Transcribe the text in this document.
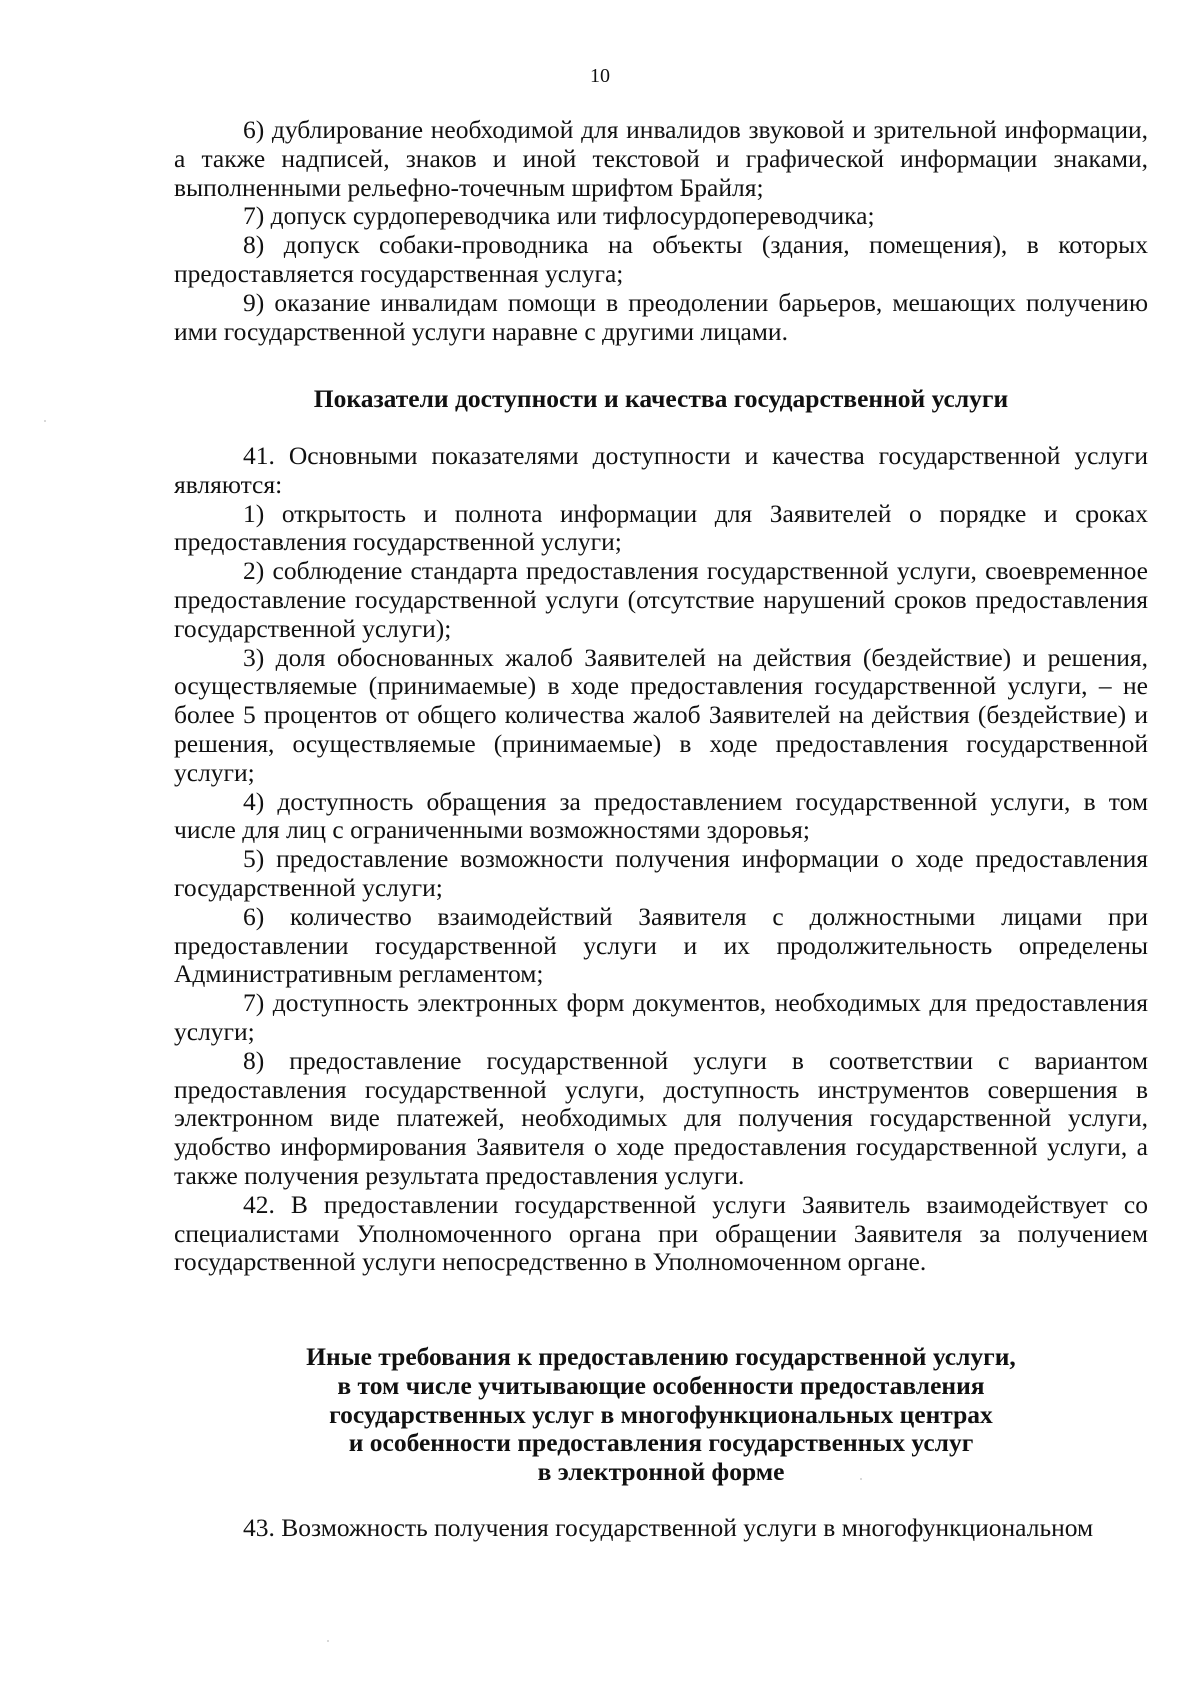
10

6) дублирование необходимой для инвалидов звуковой и зрительной информации, а также надписей, знаков и иной текстовой и графической информации знаками, выполненными рельефно-точечным шрифтом Брайля;

7) допуск сурдопереводчика или тифлосурдопереводчика;

8) допуск собаки-проводника на объекты (здания, помещения), в которых предоставляется государственная услуга;

9) оказание инвалидам помощи в преодолении барьеров, мешающих получению ими государственной услуги наравне с другими лицами.

Показатели доступности и качества государственной услуги

41. Основными показателями доступности и качества государственной услуги являются:

1) открытость и полнота информации для Заявителей о порядке и сроках предоставления государственной услуги;

2) соблюдение стандарта предоставления государственной услуги, своевременное предоставление государственной услуги (отсутствие нарушений сроков предоставления государственной услуги);

3) доля обоснованных жалоб Заявителей на действия (бездействие) и решения, осуществляемые (принимаемые) в ходе предоставления государственной услуги, – не более 5 процентов от общего количества жалоб Заявителей на действия (бездействие) и решения, осуществляемые (принимаемые) в ходе предоставления государственной услуги;

4) доступность обращения за предоставлением государственной услуги, в том числе для лиц с ограниченными возможностями здоровья;

5) предоставление возможности получения информации о ходе предоставления государственной услуги;

6) количество взаимодействий Заявителя с должностными лицами при предоставлении государственной услуги и их продолжительность определены Административным регламентом;

7) доступность электронных форм документов, необходимых для предоставления услуги;

8) предоставление государственной услуги в соответствии с вариантом предоставления государственной услуги, доступность инструментов совершения в электронном виде платежей, необходимых для получения государственной услуги, удобство информирования Заявителя о ходе предоставления государственной услуги, а также получения результата предоставления услуги.

42. В предоставлении государственной услуги Заявитель взаимодействует со специалистами Уполномоченного органа при обращении Заявителя за получением государственной услуги непосредственно в Уполномоченном органе.

Иные требования к предоставлению государственной услуги,
в том числе учитывающие особенности предоставления
государственных услуг в многофункциональных центрах
и особенности предоставления государственных услуг
в электронной форме

43. Возможность получения государственной услуги в многофункциональном
